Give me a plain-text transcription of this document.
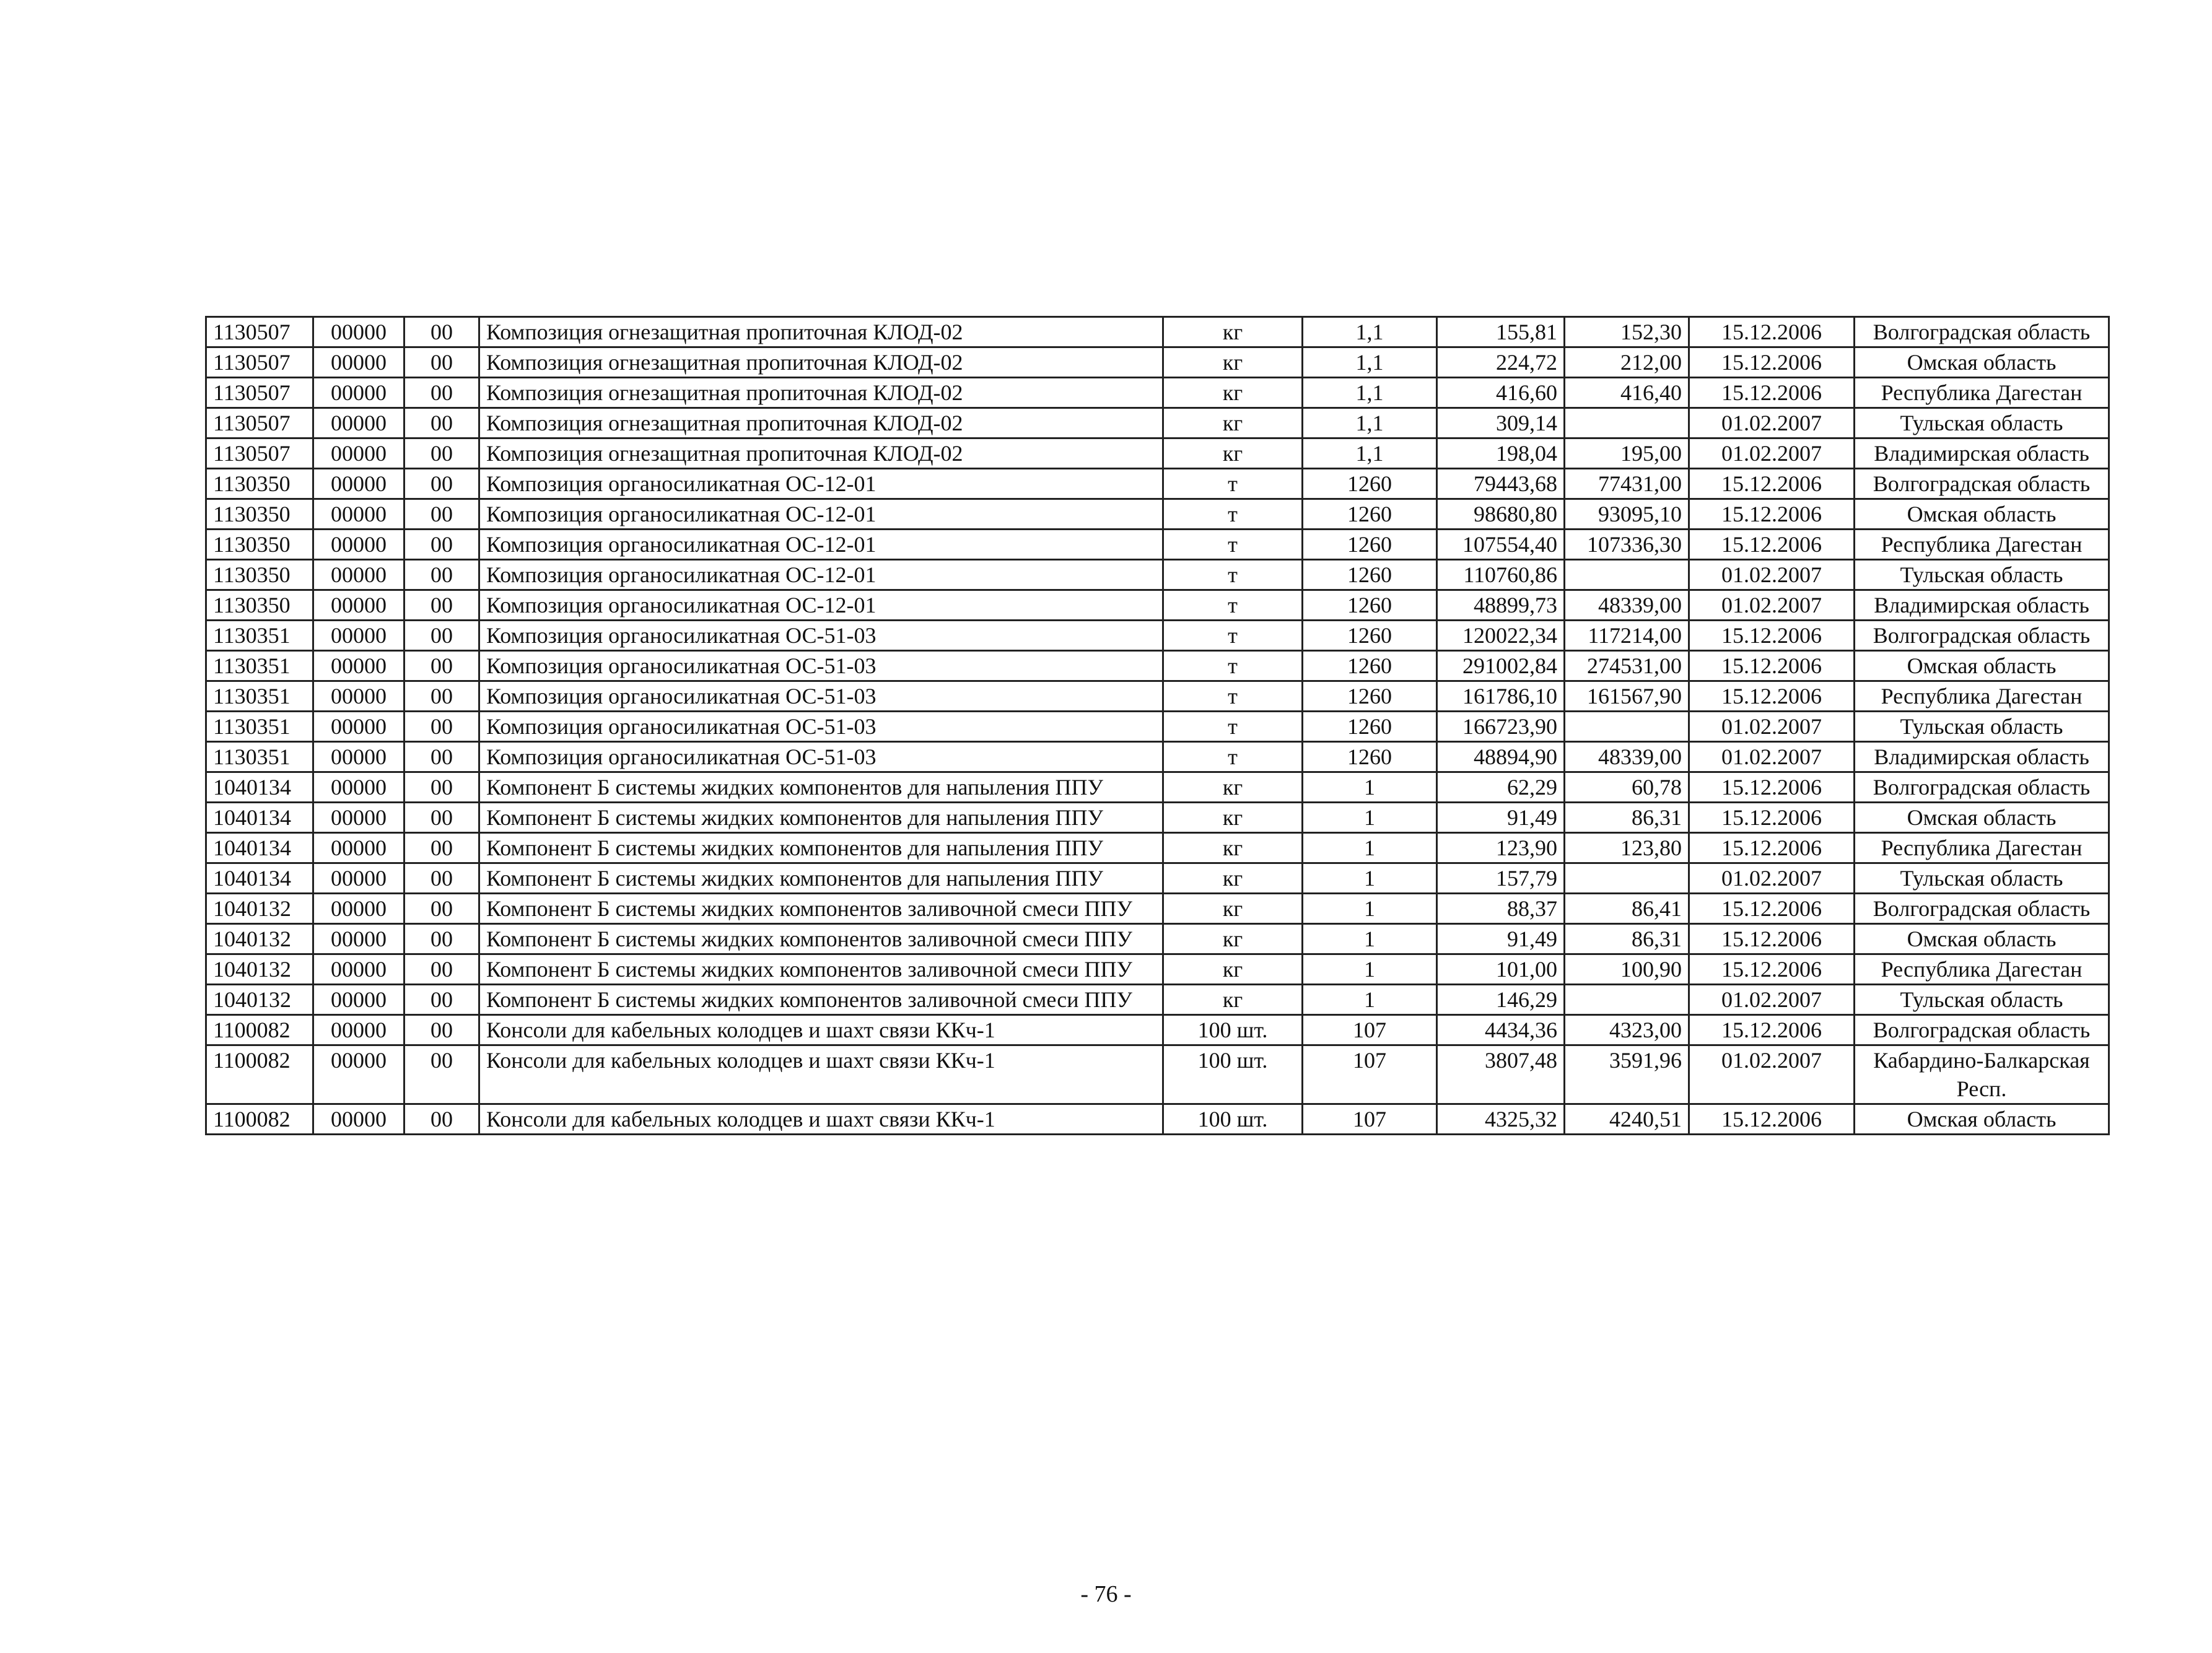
1130507	00000	00	Композиция огнезащитная пропиточная КЛОД-02	кг	1,1	155,81	152,30	15.12.2006	Волгоградская область
1130507	00000	00	Композиция огнезащитная пропиточная КЛОД-02	кг	1,1	224,72	212,00	15.12.2006	Омская область
1130507	00000	00	Композиция огнезащитная пропиточная КЛОД-02	кг	1,1	416,60	416,40	15.12.2006	Республика Дагестан
1130507	00000	00	Композиция огнезащитная пропиточная КЛОД-02	кг	1,1	309,14		01.02.2007	Тульская область
1130507	00000	00	Композиция огнезащитная пропиточная КЛОД-02	кг	1,1	198,04	195,00	01.02.2007	Владимирская область
1130350	00000	00	Композиция органосиликатная ОС-12-01	т	1260	79443,68	77431,00	15.12.2006	Волгоградская область
1130350	00000	00	Композиция органосиликатная ОС-12-01	т	1260	98680,80	93095,10	15.12.2006	Омская область
1130350	00000	00	Композиция органосиликатная ОС-12-01	т	1260	107554,40	107336,30	15.12.2006	Республика Дагестан
1130350	00000	00	Композиция органосиликатная ОС-12-01	т	1260	110760,86		01.02.2007	Тульская область
1130350	00000	00	Композиция органосиликатная ОС-12-01	т	1260	48899,73	48339,00	01.02.2007	Владимирская область
1130351	00000	00	Композиция органосиликатная ОС-51-03	т	1260	120022,34	117214,00	15.12.2006	Волгоградская область
1130351	00000	00	Композиция органосиликатная ОС-51-03	т	1260	291002,84	274531,00	15.12.2006	Омская область
1130351	00000	00	Композиция органосиликатная ОС-51-03	т	1260	161786,10	161567,90	15.12.2006	Республика Дагестан
1130351	00000	00	Композиция органосиликатная ОС-51-03	т	1260	166723,90		01.02.2007	Тульская область
1130351	00000	00	Композиция органосиликатная ОС-51-03	т	1260	48894,90	48339,00	01.02.2007	Владимирская область
1040134	00000	00	Компонент Б системы жидких компонентов для напыления ППУ	кг	1	62,29	60,78	15.12.2006	Волгоградская область
1040134	00000	00	Компонент Б системы жидких компонентов для напыления ППУ	кг	1	91,49	86,31	15.12.2006	Омская область
1040134	00000	00	Компонент Б системы жидких компонентов для напыления ППУ	кг	1	123,90	123,80	15.12.2006	Республика Дагестан
1040134	00000	00	Компонент Б системы жидких компонентов для напыления ППУ	кг	1	157,79		01.02.2007	Тульская область
1040132	00000	00	Компонент Б системы жидких компонентов заливочной смеси ППУ	кг	1	88,37	86,41	15.12.2006	Волгоградская область
1040132	00000	00	Компонент Б системы жидких компонентов заливочной смеси ППУ	кг	1	91,49	86,31	15.12.2006	Омская область
1040132	00000	00	Компонент Б системы жидких компонентов заливочной смеси ППУ	кг	1	101,00	100,90	15.12.2006	Республика Дагестан
1040132	00000	00	Компонент Б системы жидких компонентов заливочной смеси ППУ	кг	1	146,29		01.02.2007	Тульская область
1100082	00000	00	Консоли для кабельных колодцев и шахт связи ККч-1	100 шт.	107	4434,36	4323,00	15.12.2006	Волгоградская область
1100082	00000	00	Консоли для кабельных колодцев и шахт связи ККч-1	100 шт.	107	3807,48	3591,96	01.02.2007	Кабардино-Балкарская Респ.
1100082	00000	00	Консоли для кабельных колодцев и шахт связи ККч-1	100 шт.	107	4325,32	4240,51	15.12.2006	Омская область
- 76 -
